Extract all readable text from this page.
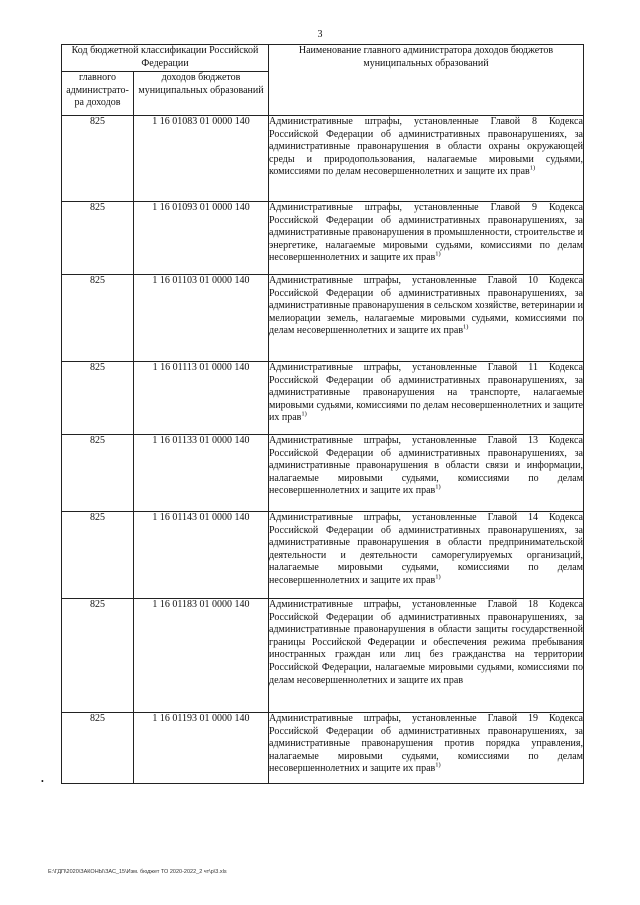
3
Код бюджетной классификации Российской Федерации		Наименование главного администратора доходов бюджетов муниципальных образований
главного администрато-ра доходов	доходов бюджетов муниципальных образований	
825	1 16 01083 01 0000 140	Административные штрафы, установленные Главой 8 Кодекса Российской Федерации об административных правонарушениях, за административные правонарушения в области охраны окружающей среды и природопользования, налагаемые мировыми судьями, комиссиями по делам несовершеннолетних и защите их прав$^{1)}$
825	1 16 01093 01 0000 140	Административные штрафы, установленные Главой 9 Кодекса Российской Федерации об административных правонарушениях, за административные правонарушения в промышленности, строительстве и энергетике, налагаемые мировыми судьями, комиссиями по делам несовершеннолетних и защите их прав$^{1)}$
825	1 16 01103 01 0000 140	Административные штрафы, установленные Главой 10 Кодекса Российской Федерации об административных правонарушениях, за административные правонарушения в сельском хозяйстве, ветеринарии и мелиорации земель, налагаемые мировыми судьями, комиссиями по делам несовершеннолетних и защите их прав$^{1)}$
825	1 16 01113 01 0000 140	Административные штрафы, установленные Главой 11 Кодекса Российской Федерации об административных правонарушениях, за административные правонарушения на транспорте, налагаемые мировыми судьями, комиссиями по делам несовершеннолетних и защите их прав$^{1)}$
825	1 16 01133 01 0000 140	Административные штрафы, установленные Главой 13 Кодекса Российской Федерации об административных правонарушениях, за административные правонарушения в области связи и информации, налагаемые мировыми судьями, комиссиями по делам несовершеннолетних и защите их прав$^{1)}$
825	1 16 01143 01 0000 140	Административные штрафы, установленные Главой 14 Кодекса Российской Федерации об административных правонарушениях, за административные правонарушения в области предпринимательской деятельности и деятельности саморегулируемых организаций, налагаемые мировыми судьями, комиссиями по делам несовершеннолетних и защите их прав$^{1)}$
825	1 16 01183 01 0000 140	Административные штрафы, установленные Главой 18 Кодекса Российской Федерации об административных правонарушениях, за административные правонарушения в области защиты государственной границы Российской Федерации и обеспечения режима пребывания иностранных граждан или лиц без гражданства на территории Российской Федерации, налагаемые мировыми судьями, комиссиями по делам несовершеннолетних и защите их прав
825	1 16 01193 01 0000 140	Административные штрафы, установленные Главой 19 Кодекса Российской Федерации об административных правонарушениях, за административные правонарушения против порядка управления, налагаемые мировыми судьями, комиссиями по делам несовершеннолетних и защите их прав$^{1)}$
•
E:\ГДП\2020\ЗАКОНЫ\ЗАС_15\Изм. бюджет ТО 2020-2022_2 чт\p\3.xls
